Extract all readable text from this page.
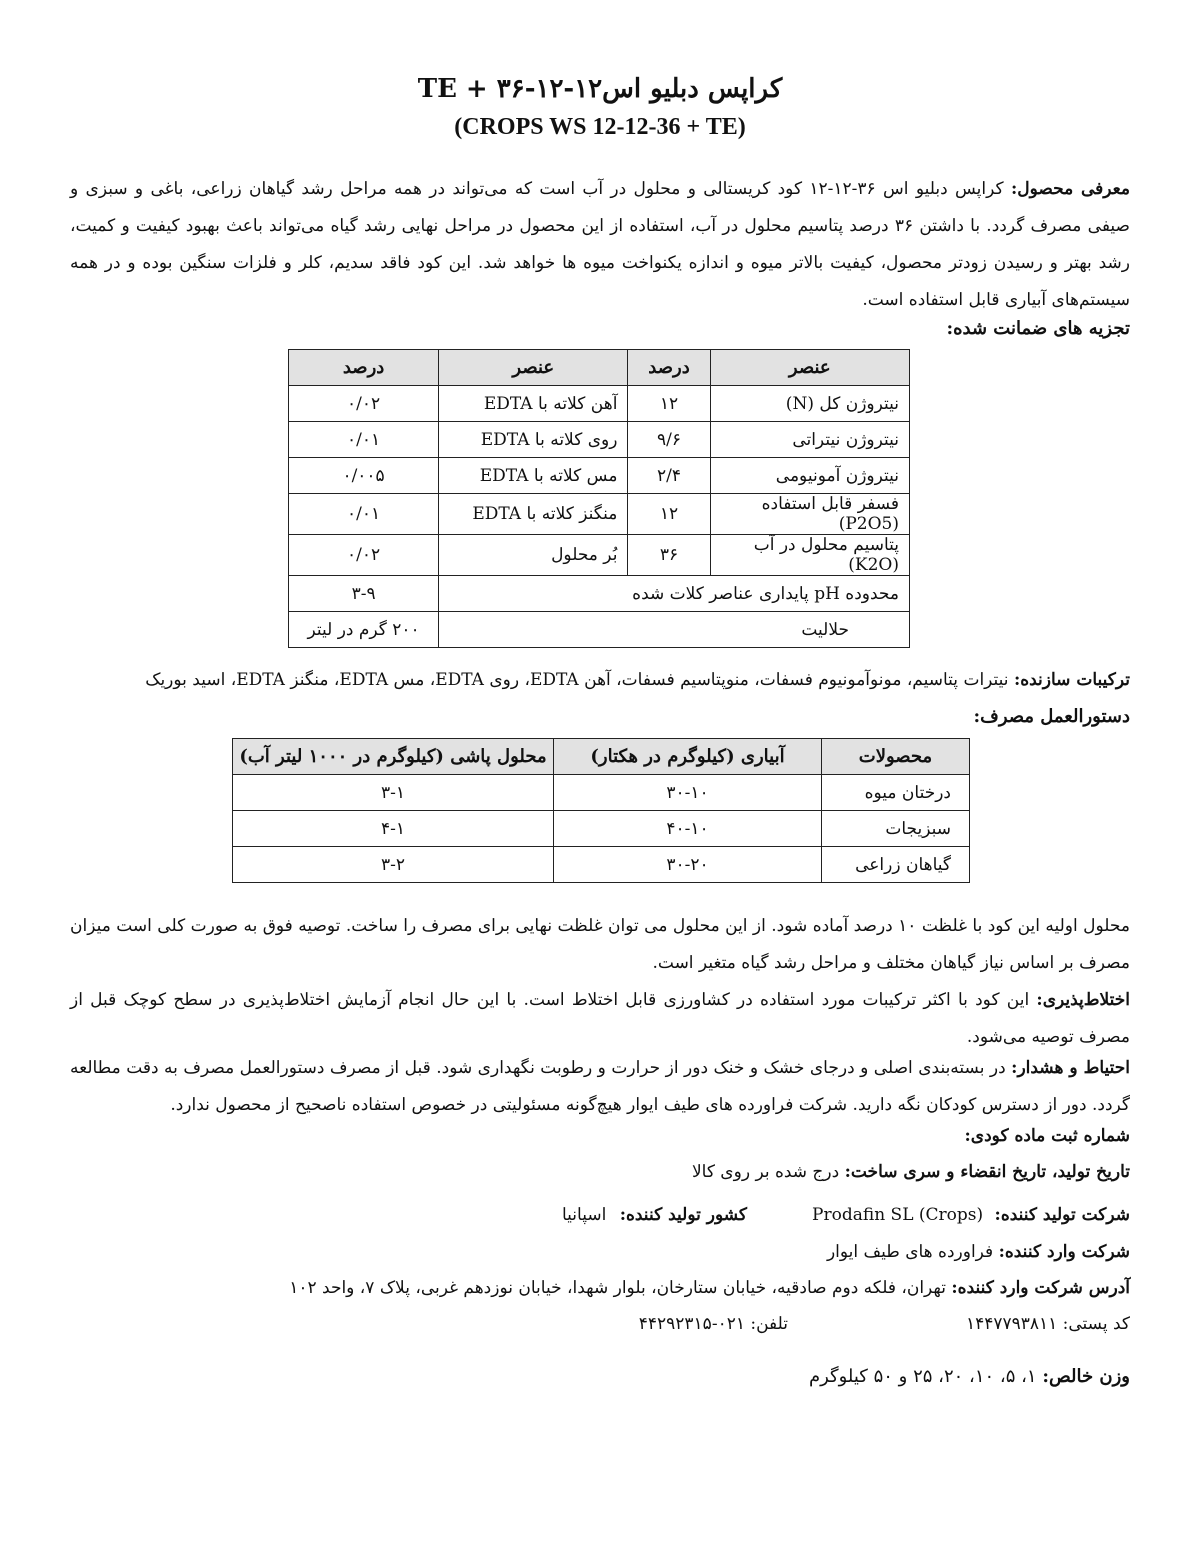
کراپس دبلیو اسTE + ۳۶-۱۲-۱۲
(CROPS WS 12-12-36 + TE)
معرفی محصول: کراپس دبلیو اس ۳۶-۱۲-۱۲ کود کریستالی و محلول در آب است که می‌تواند در همه مراحل رشد گیاهان زراعی، باغی و سبزی و صیفی مصرف گردد. با داشتن ۳۶ درصد پتاسیم محلول در آب، استفاده از این محصول در مراحل نهایی رشد گیاه می‌تواند باعث بهبود کیفیت و کمیت، رشد بهتر و رسیدن زودتر محصول، کیفیت بالاتر میوه و اندازه یکنواخت میوه ها خواهد شد. این کود فاقد سدیم، کلر و فلزات سنگین بوده و در همه سیستم‌های آبیاری قابل استفاده است.
تجزیه های ضمانت شده:
عنصر	درصد	عنصر	درصد
نیتروژن کل (N)	۱۲	آهن کلاته با EDTA	۰/۰۲
نیتروژن نیتراتی	۹/۶	روی کلاته با EDTA	۰/۰۱
نیتروژن آمونیومی	۲/۴	مس کلاته با EDTA	۰/۰۰۵
فسفر قابل استفاده (P2O5)	۱۲	منگنز کلاته با EDTA	۰/۰۱
پتاسیم محلول در آب (K2O)	۳۶	بُر محلول	۰/۰۲
محدوده pH پایداری عناصر کلات شده			۳-۹
حلالیت			۲۰۰ گرم در لیتر
ترکیبات سازنده: نیترات پتاسیم، مونوآمونیوم فسفات، منوپتاسیم فسفات، آهن EDTA، روی EDTA، مس EDTA، منگنز EDTA، اسید بوریک
دستورالعمل مصرف:
محصولات	آبیاری (کیلوگرم در هکتار)	محلول پاشی (کیلوگرم در ۱۰۰۰ لیتر آب)
درختان میوه	۳۰-۱۰	۳-۱
سبزیجات	۴۰-۱۰	۴-۱
گیاهان زراعی	۳۰-۲۰	۳-۲
محلول اولیه این کود با غلظت ۱۰ درصد آماده شود. از این محلول می توان غلظت نهایی برای مصرف را ساخت. توصیه فوق به صورت کلی است میزان مصرف بر اساس نیاز گیاهان مختلف و مراحل رشد گیاه متغیر است.
اختلاط‌پذیری: این کود با اکثر ترکیبات مورد استفاده در کشاورزی قابل اختلاط است. با این حال انجام آزمایش اختلاط‌پذیری در سطح کوچک قبل از مصرف توصیه می‌شود.
احتیاط و هشدار: در بسته‌بندی اصلی و درجای خشک و خنک دور از حرارت و رطوبت نگهداری شود. قبل از مصرف دستورالعمل مصرف به دقت مطالعه گردد. دور از دسترس کودکان نگه دارید. شرکت فراورده های طیف ایوار هیچ‌گونه مسئولیتی در خصوص استفاده ناصحیح از محصول ندارد.
شماره ثبت ماده کودی:
تاریخ تولید، تاریخ انقضاء و سری ساخت: درج شده بر روی کالا
شرکت تولید کننده: Prodafin SL (Crops)
کشور تولید کننده: اسپانیا
شرکت وارد کننده: فراورده های طیف ایوار
آدرس شرکت وارد کننده: تهران، فلکه دوم صادقیه، خیابان ستارخان، بلوار شهدا، خیابان نوزدهم غربی، پلاک ۷، واحد ۱۰۲
کد پستی: ۱۴۴۷۷۹۳۸۱۱
تلفن: ۰۲۱-۴۴۲۹۲۳۱۵
وزن خالص: ۱، ۵، ۱۰، ۲۰، ۲۵ و ۵۰ کیلوگرم
